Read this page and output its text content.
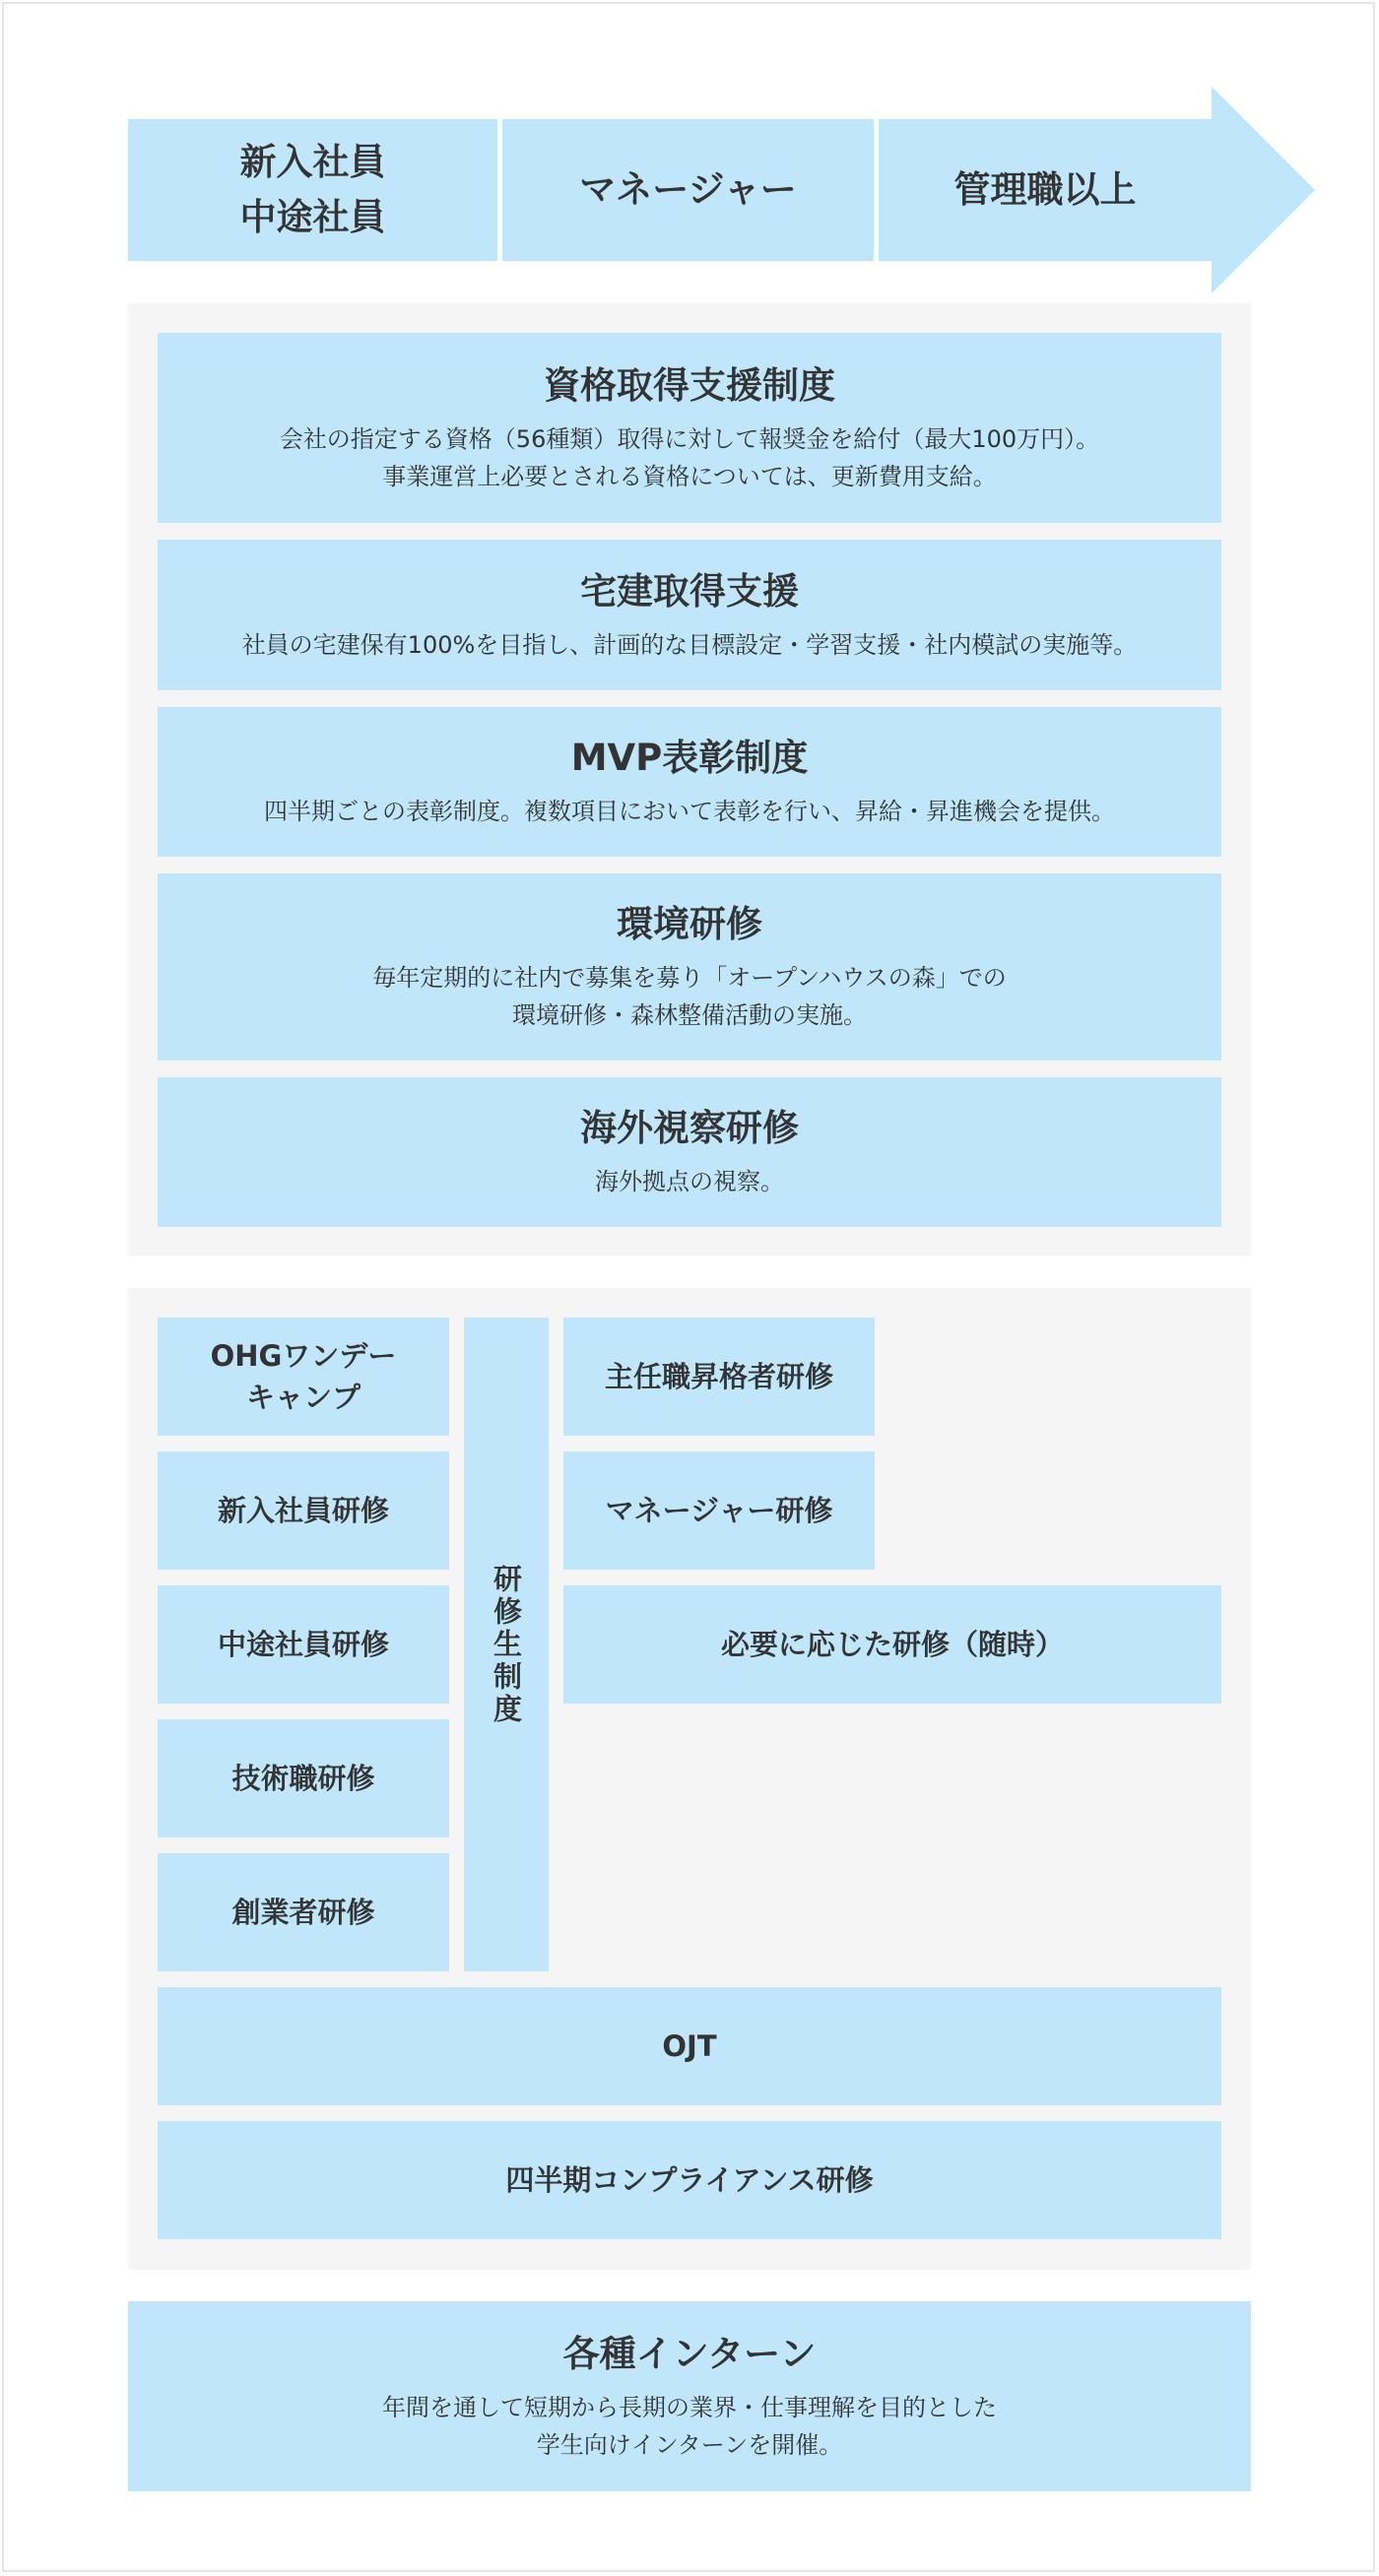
新入社員
中途社員
マネージャー	管理職以上
資格取得支援制度
会社の指定する資格（56種類）取得に対して報奨金を給付（最大100万円）。
事業運営上必要とされる資格については、更新費用支給。
宅建取得支援
社員の宅建保有100%を目指し、計画的な目標設定・学習支援・社内模試の実施等。
MVP表彰制度
四半期ごとの表彰制度。複数項目において表彰を行い、昇給・昇進機会を提供。
環境研修
毎年定期的に社内で募集を募り「オープンハウスの森」での
環境研修・森林整備活動の実施。
海外視察研修
海外拠点の視察。
OHGワンデー
キャンプ
新入社員研修
中途社員研修
技術職研修
創業者研修
研修生制度
主任職昇格者研修
マネージャー研修
必要に応じた研修（随時）
OJT
四半期コンプライアンス研修
各種インターン
年間を通して短期から長期の業界・仕事理解を目的とした
学生向けインターンを開催。
